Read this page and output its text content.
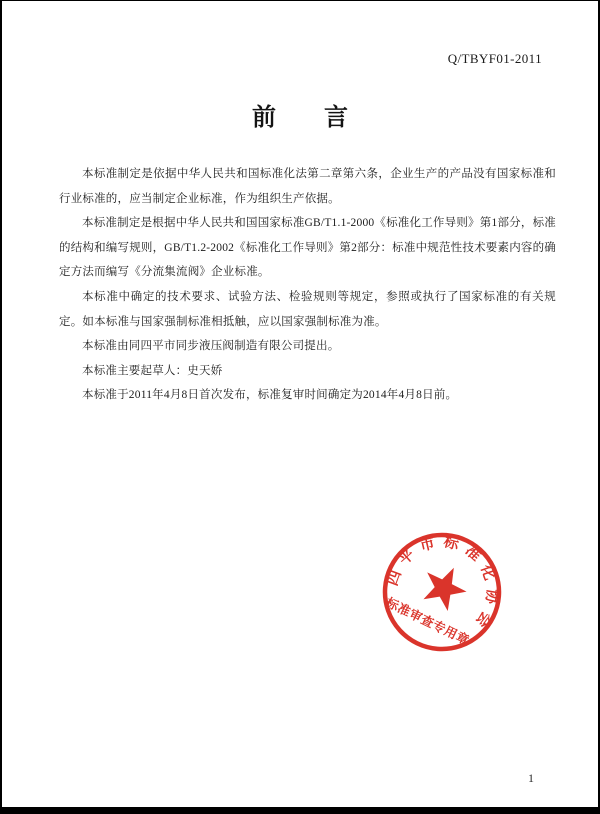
Q/TBYF01-2011
前　　言

本标准制定是依据中华人民共和国标准化法第二章第六条，企业生产的产品没有国家标准和行业标准的，应当制定企业标准，作为组织生产依据。

本标准制定是根据中华人民共和国国家标准GB/T1.1-2000《标准化工作导则》第1部分，标准的结构和编写规则，GB/T1.2-2002《标准化工作导则》第2部分：标准中规范性技术要素内容的确定方法而编写《分流集流阀》企业标准。

本标准中确定的技术要求、试验方法、检验规则等规定，参照或执行了国家标准的有关规定。如本标准与国家强制标准相抵触，应以国家强制标准为准。

本标准由同四平市同步液压阀制造有限公司提出。

本标准主要起草人：史天娇

本标准于2011年4月8日首次发布，标准复审时间确定为2014年4月8日前。

四平市标准化协会
标准审查专用章
1
